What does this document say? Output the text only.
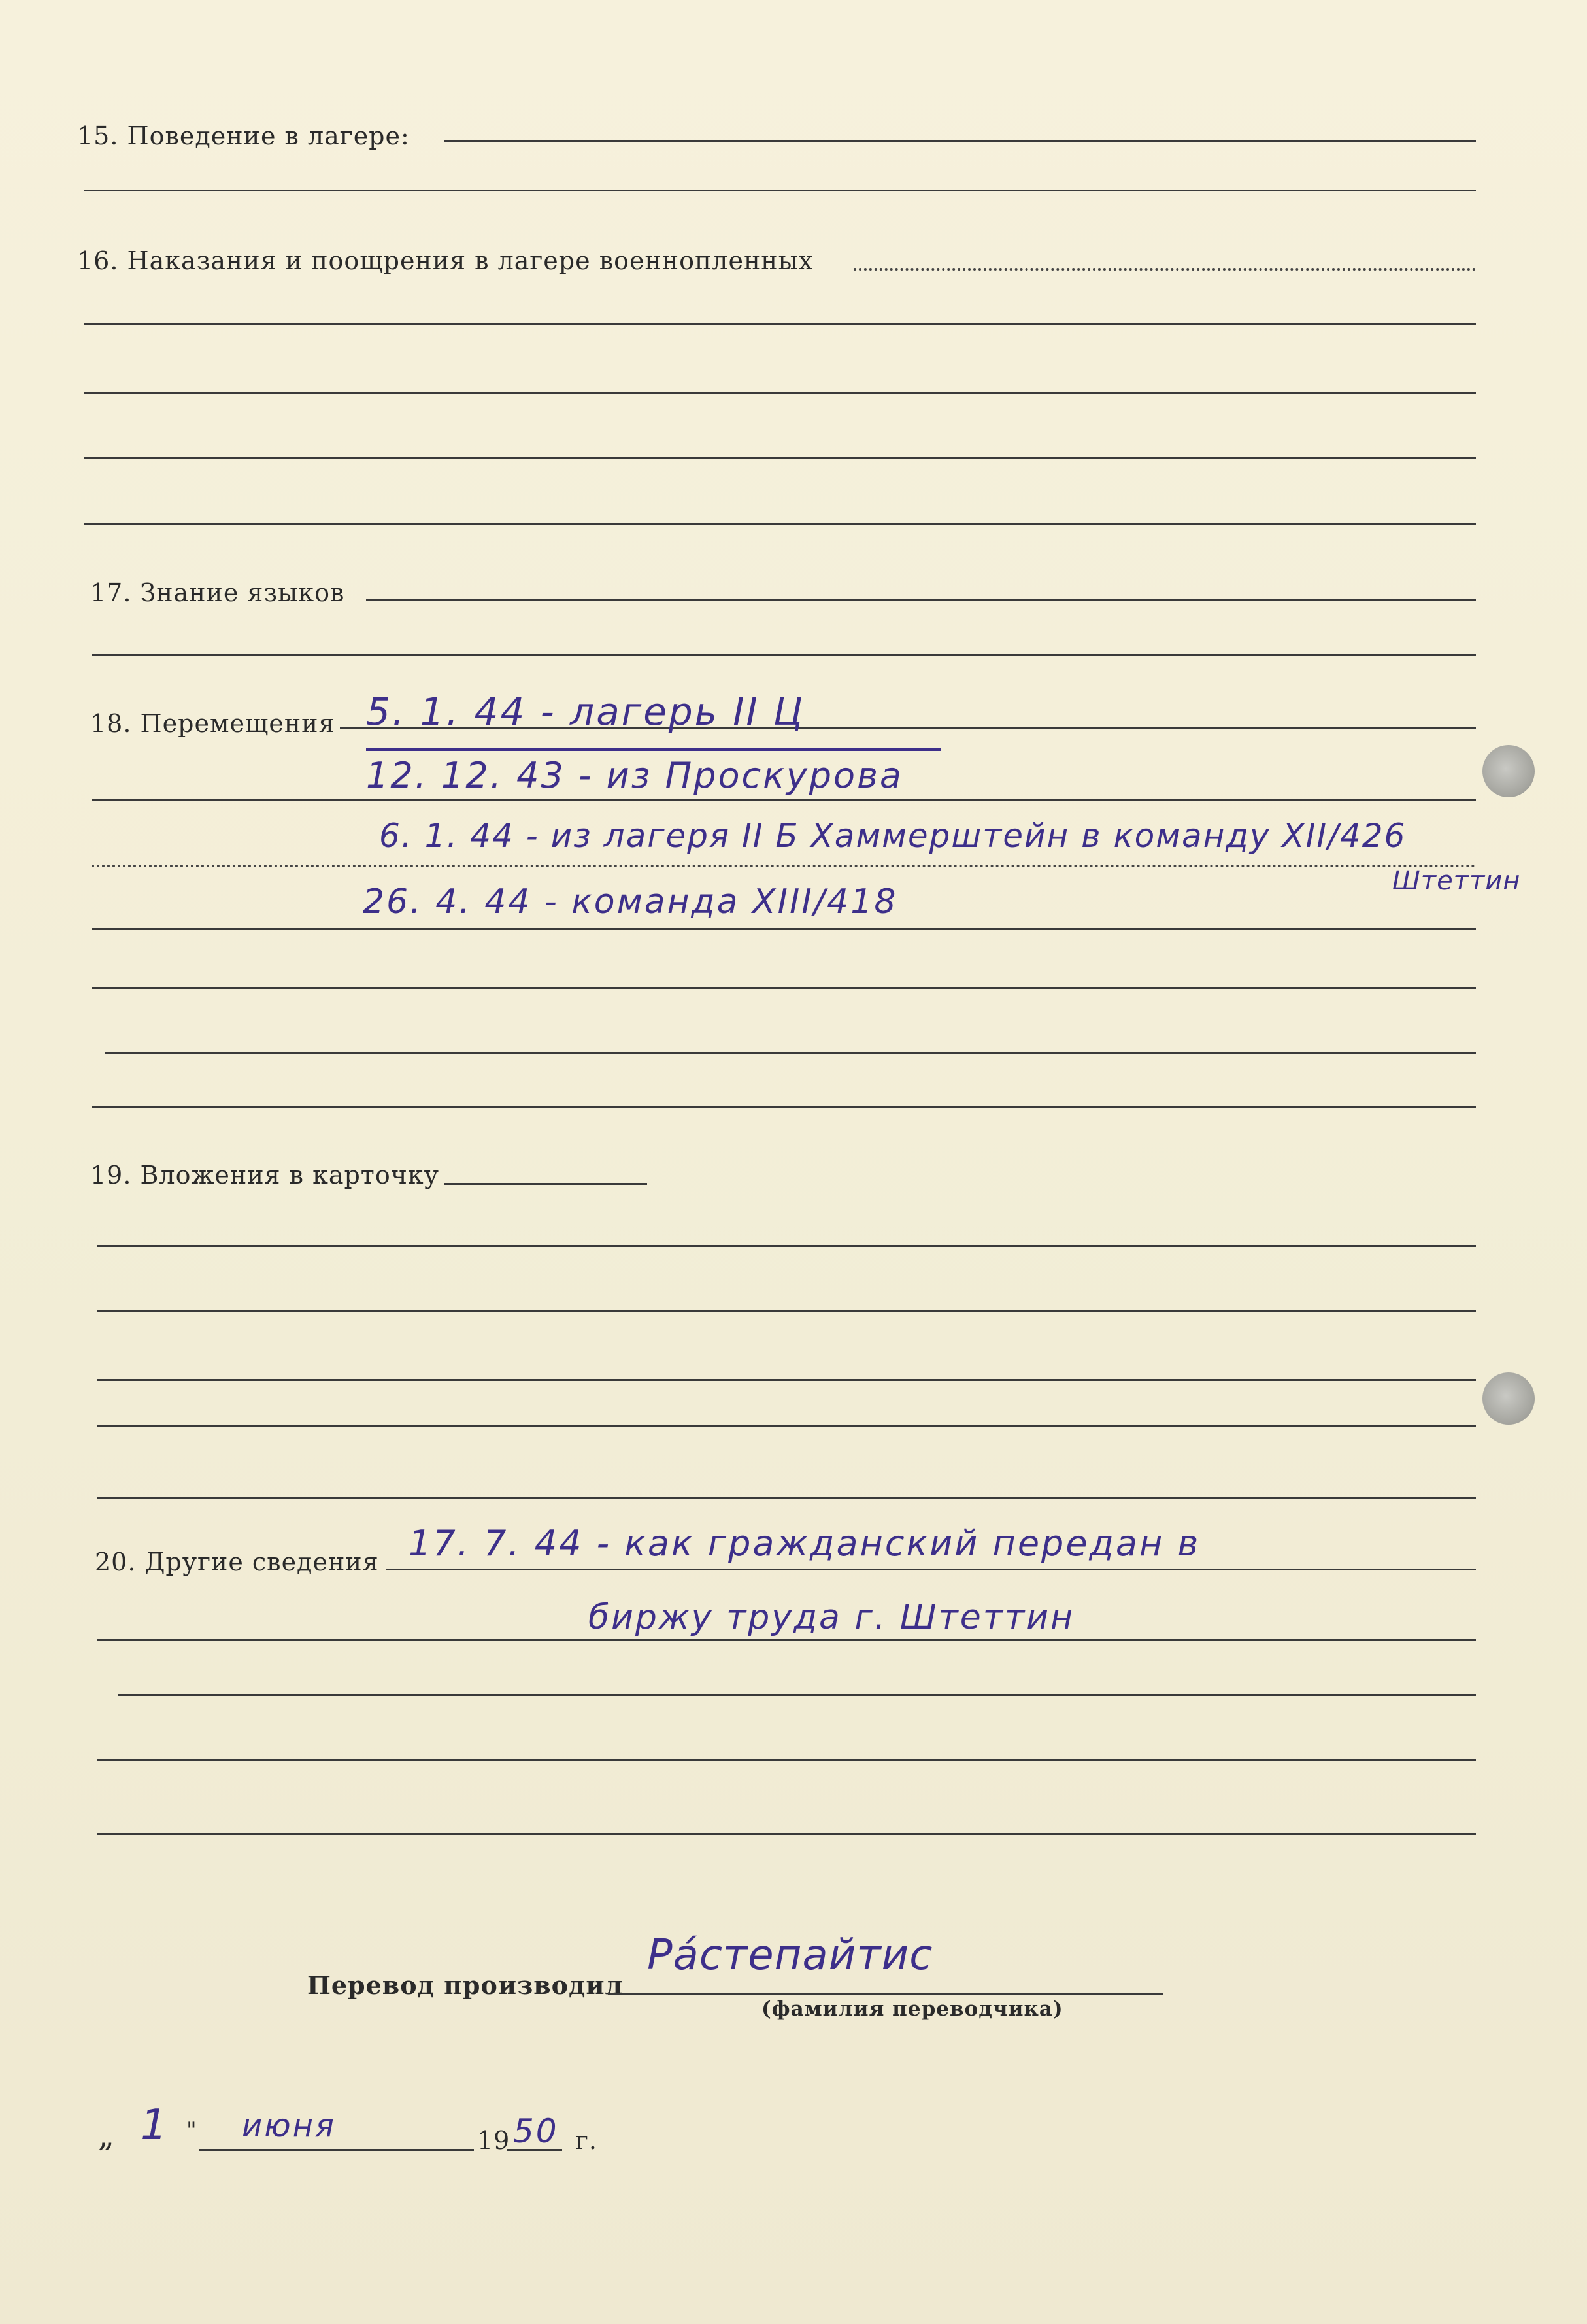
15. Поведение в лагере:
16. Наказания и поощрения в лагере военнопленных
17. Знание языков
18. Перемещения 5. 1. 44 - лагерь II Ц
12. 12. 43 - из Проскурова
6. 1. 44 - из лагеря II Б Хаммерштейн в команду XII/426
Штеттин
26. 4. 44 - команда XIII/418
19. Вложения в карточку
20. Другие сведения 17. 7. 44 - как гражданский передан в
биржу труда г. Штеттин
Перевод производил
Рáстепайтис
(фамилия переводчика)
„ 1 " июня	19 50 г.
